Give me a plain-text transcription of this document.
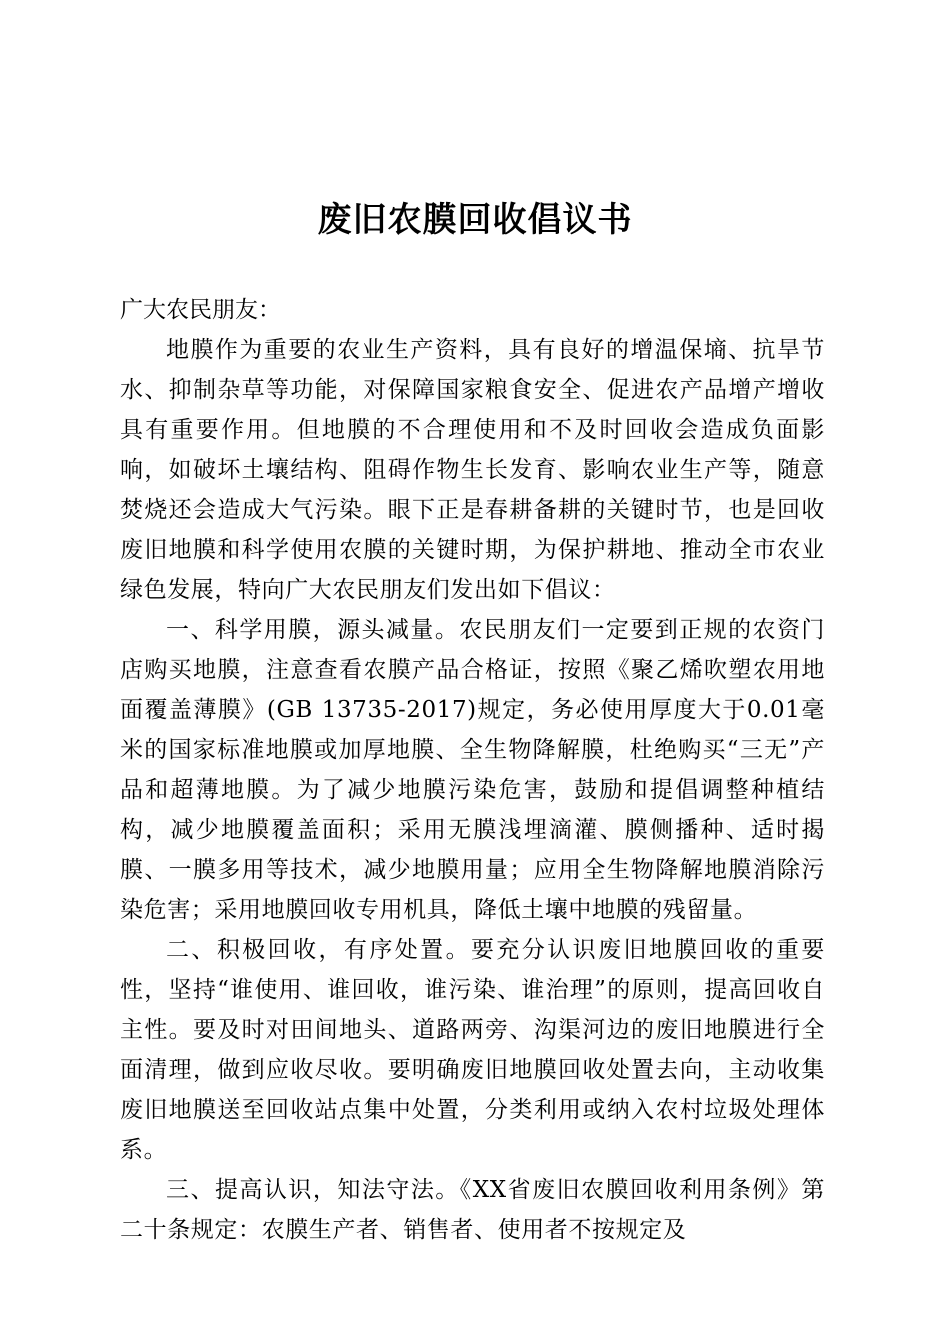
废旧农膜回收倡议书

广大农民朋友：

地膜作为重要的农业生产资料，具有良好的增温保墒、抗旱节水、抑制杂草等功能，对保障国家粮食安全、促进农产品增产增收具有重要作用。但地膜的不合理使用和不及时回收会造成负面影响，如破坏土壤结构、阻碍作物生长发育、影响农业生产等，随意焚烧还会造成大气污染。眼下正是春耕备耕的关键时节，也是回收废旧地膜和科学使用农膜的关键时期，为保护耕地、推动全市农业绿色发展，特向广大农民朋友们发出如下倡议：

一、科学用膜，源头减量。农民朋友们一定要到正规的农资门店购买地膜，注意查看农膜产品合格证，按照《聚乙烯吹塑农用地面覆盖薄膜》(GB 13735-2017)规定，务必使用厚度大于0.01毫米的国家标准地膜或加厚地膜、全生物降解膜，杜绝购买“三无”产品和超薄地膜。为了减少地膜污染危害，鼓励和提倡调整种植结构，减少地膜覆盖面积；采用无膜浅埋滴灌、膜侧播种、适时揭膜、一膜多用等技术，减少地膜用量；应用全生物降解地膜消除污染危害；采用地膜回收专用机具，降低土壤中地膜的残留量。

二、积极回收，有序处置。要充分认识废旧地膜回收的重要性，坚持“谁使用、谁回收，谁污染、谁治理”的原则，提高回收自主性。要及时对田间地头、道路两旁、沟渠河边的废旧地膜进行全面清理，做到应收尽收。要明确废旧地膜回收处置去向，主动收集废旧地膜送至回收站点集中处置，分类利用或纳入农村垃圾处理体系。

三、提高认识，知法守法。《XX省废旧农膜回收利用条例》第二十条规定：农膜生产者、销售者、使用者不按规定及
